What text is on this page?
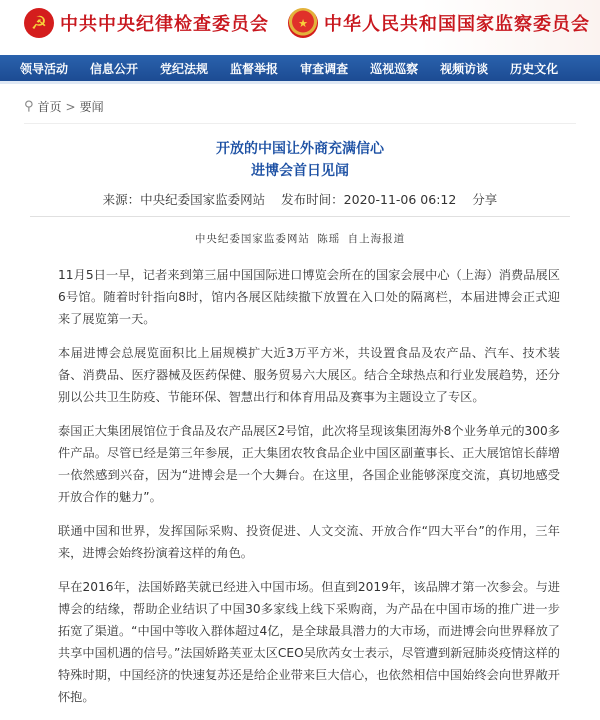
☭ 中共中央纪律检查委员会	★ 中华人民共和国国家监察委员会
领导活动 信息公开 党纪法规 监督举报 审查调查 巡视巡察 视频访谈 历史文化
⚲ 首页 > 要闻
开放的中国让外商充满信心
进博会首日见闻
来源：中央纪委国家监委网站 发布时间：2020-11-06 06:12 分享
中央纪委国家监委网站 陈瑶 自上海报道

11月5日一早，记者来到第三届中国国际进口博览会所在的国家会展中心（上海）消费品展区6号馆。随着时针指向8时，馆内各展区陆续撤下放置在入口处的隔离栏，本届进博会正式迎来了展览第一天。

本届进博会总展览面积比上届规模扩大近3万平方米，共设置食品及农产品、汽车、技术装备、消费品、医疗器械及医药保健、服务贸易六大展区。结合全球热点和行业发展趋势，还分别以公共卫生防疫、节能环保、智慧出行和体育用品及赛事为主题设立了专区。

泰国正大集团展馆位于食品及农产品展区2号馆，此次将呈现该集团海外8个业务单元的300多件产品。尽管已经是第三年参展，正大集团农牧食品企业中国区副董事长、正大展馆馆长薛增一依然感到兴奋，因为“进博会是一个大舞台。在这里，各国企业能够深度交流，真切地感受开放合作的魅力”。

联通中国和世界，发挥国际采购、投资促进、人文交流、开放合作“四大平台”的作用，三年来，进博会始终扮演着这样的角色。

早在2016年，法国娇路芙就已经进入中国市场。但直到2019年，该品牌才第一次参会。与进博会的结缘，帮助企业结识了中国30多家线上线下采购商，为产品在中国市场的推广进一步拓宽了渠道。“中国中等收入群体超过4亿，是全球最具潜力的大市场，而进博会向世界释放了共享中国机遇的信号。”法国娇路芙亚太区CEO吴欣芮女士表示，尽管遭到新冠肺炎疫情这样的特殊时期，中国经济的快速复苏还是给企业带来巨大信心，也依然相信中国始终会向世界敞开怀抱。
